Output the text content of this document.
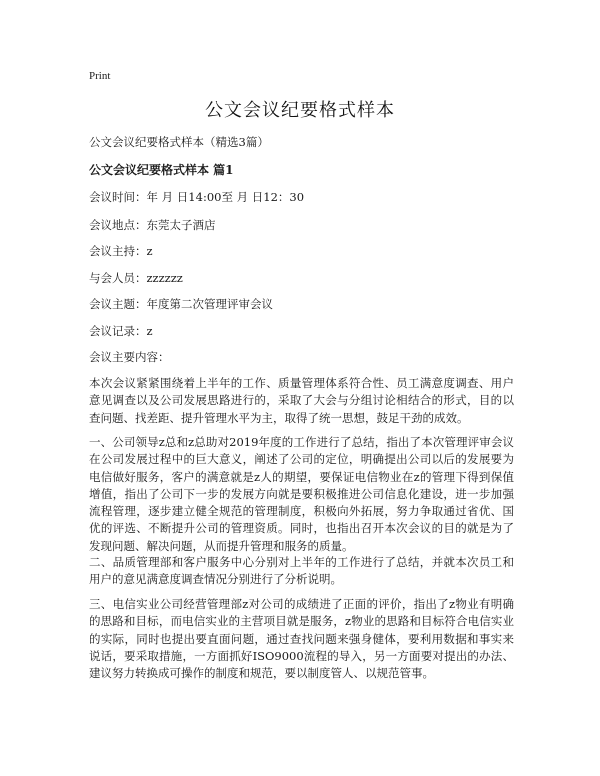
Print
公文会议纪要格式样本
公文会议纪要格式样本（精选3篇）
公文会议纪要格式样本 篇1
会议时间：年 月 日14:00至 月 日12：30
会议地点：东莞太子酒店
会议主持：z
与会人员：zzzzzz
会议主题：年度第二次管理评审会议
会议记录：z
会议主要内容：

本次会议紧紧围绕着上半年的工作、质量管理体系符合性、员工满意度调查、用户意见调查以及公司发展思路进行的，采取了大会与分组讨论相结合的形式，目的以查问题、找差距、提升管理水平为主，取得了统一思想，鼓足干劲的成效。

一、公司领导z总和z总助对2019年度的工作进行了总结，指出了本次管理评审会议在公司发展过程中的巨大意义，阐述了公司的定位，明确提出公司以后的发展要为电信做好服务，客户的满意就是z人的期望，要保证电信物业在z的管理下得到保值增值，指出了公司下一步的发展方向就是要积极推进公司信息化建设，进一步加强流程管理，逐步建立健全规范的管理制度，积极向外拓展，努力争取通过省优、国优的评选、不断提升公司的管理资质。同时，也指出召开本次会议的目的就是为了发现问题、解决问题，从而提升管理和服务的质量。

二、品质管理部和客户服务中心分别对上半年的工作进行了总结，并就本次员工和用户的意见满意度调查情况分别进行了分析说明。

三、电信实业公司经营管理部z对公司的成绩进了正面的评价，指出了z物业有明确的思路和目标，而电信实业的主营项目就是服务，z物业的思路和目标符合电信实业的实际，同时也提出要直面问题，通过查找问题来强身健体，要利用数据和事实来说话，要采取措施，一方面抓好ISO9000流程的导入，另一方面要对提出的办法、建议努力转换成可操作的制度和规范，要以制度管人、以规范管事。
